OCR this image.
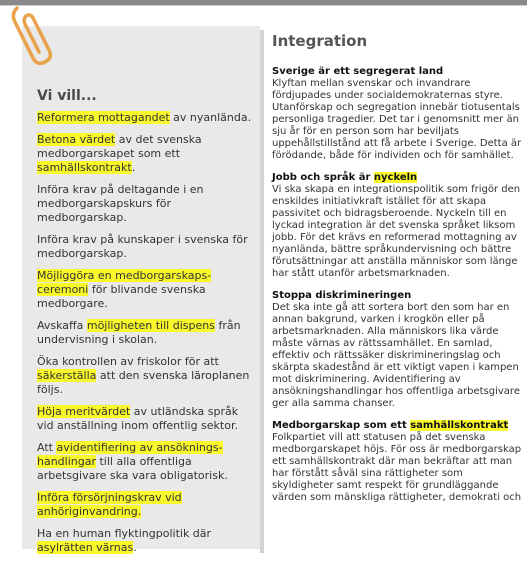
Vi vill...

Reformera mottagandet av nyanlända.

Betona värdet av det svenska medborgarskapet som ett samhällskontrakt.

Införa krav på deltagande i en medborgarskapskurs för medborgarskap.

Införa krav på kunskaper i svenska för medborgarskap.

Möjliggöra en medborgarskaps-ceremoni för blivande svenska medborgare.

Avskaffa möjligheten till dispens från undervisning i skolan.

Öka kontrollen av friskolor för att säkerställa att den svenska läroplanen följs.

Höja meritvärdet av utländska språk vid anställning inom offentlig sektor.

Att avidentifiering av ansöknings-handlingar till alla offentliga arbetsgivare ska vara obligatorisk.

Införa försörjningskrav vid anhöriginvandring.

Ha en human flyktingpolitik där asylrätten värnas.

Integration

Sverige är ett segregerat land

Klyftan mellan svenskar och invandrare fördjupades under socialdemokraternas styre. Utanförskap och segregation innebär tiotusentals personliga tragedier. Det tar i genomsnitt mer än sju år för en person som har beviljats uppehållstillstånd att få arbete i Sverige. Detta är förödande, både för individen och för samhället.

Jobb och språk är nyckeln

Vi ska skapa en integrationspolitik som frigör den enskildes initiativkraft istället för att skapa passivitet och bidragsberoende. Nyckeln till en lyckad integration är det svenska språket liksom jobb. För det krävs en reformerad mottagning av nyanlända, bättre språkundervisning och bättre förutsättningar att anställa människor som länge har stått utanför arbetsmarknaden.

Stoppa diskrimineringen

Det ska inte gå att sortera bort den som har en annan bakgrund, varken i krogkön eller på arbetsmarknaden. Alla människors lika värde måste värnas av rättssamhället. En samlad, effektiv och rättssäker diskrimineringslag och skärpta skadestånd är ett viktigt vapen i kampen mot diskriminering. Avidentifiering av ansökningshandlingar hos offentliga arbetsgivare ger alla samma chanser.

Medborgarskap som ett samhällskontrakt

Folkpartiet vill att statusen på det svenska medborgarskapet höjs. För oss är medborgarskap ett samhällskontrakt där man bekräftar att man har förstått såväl sina rättigheter som skyldigheter samt respekt för grundläggande värden som mänskliga rättigheter, demokrati och
